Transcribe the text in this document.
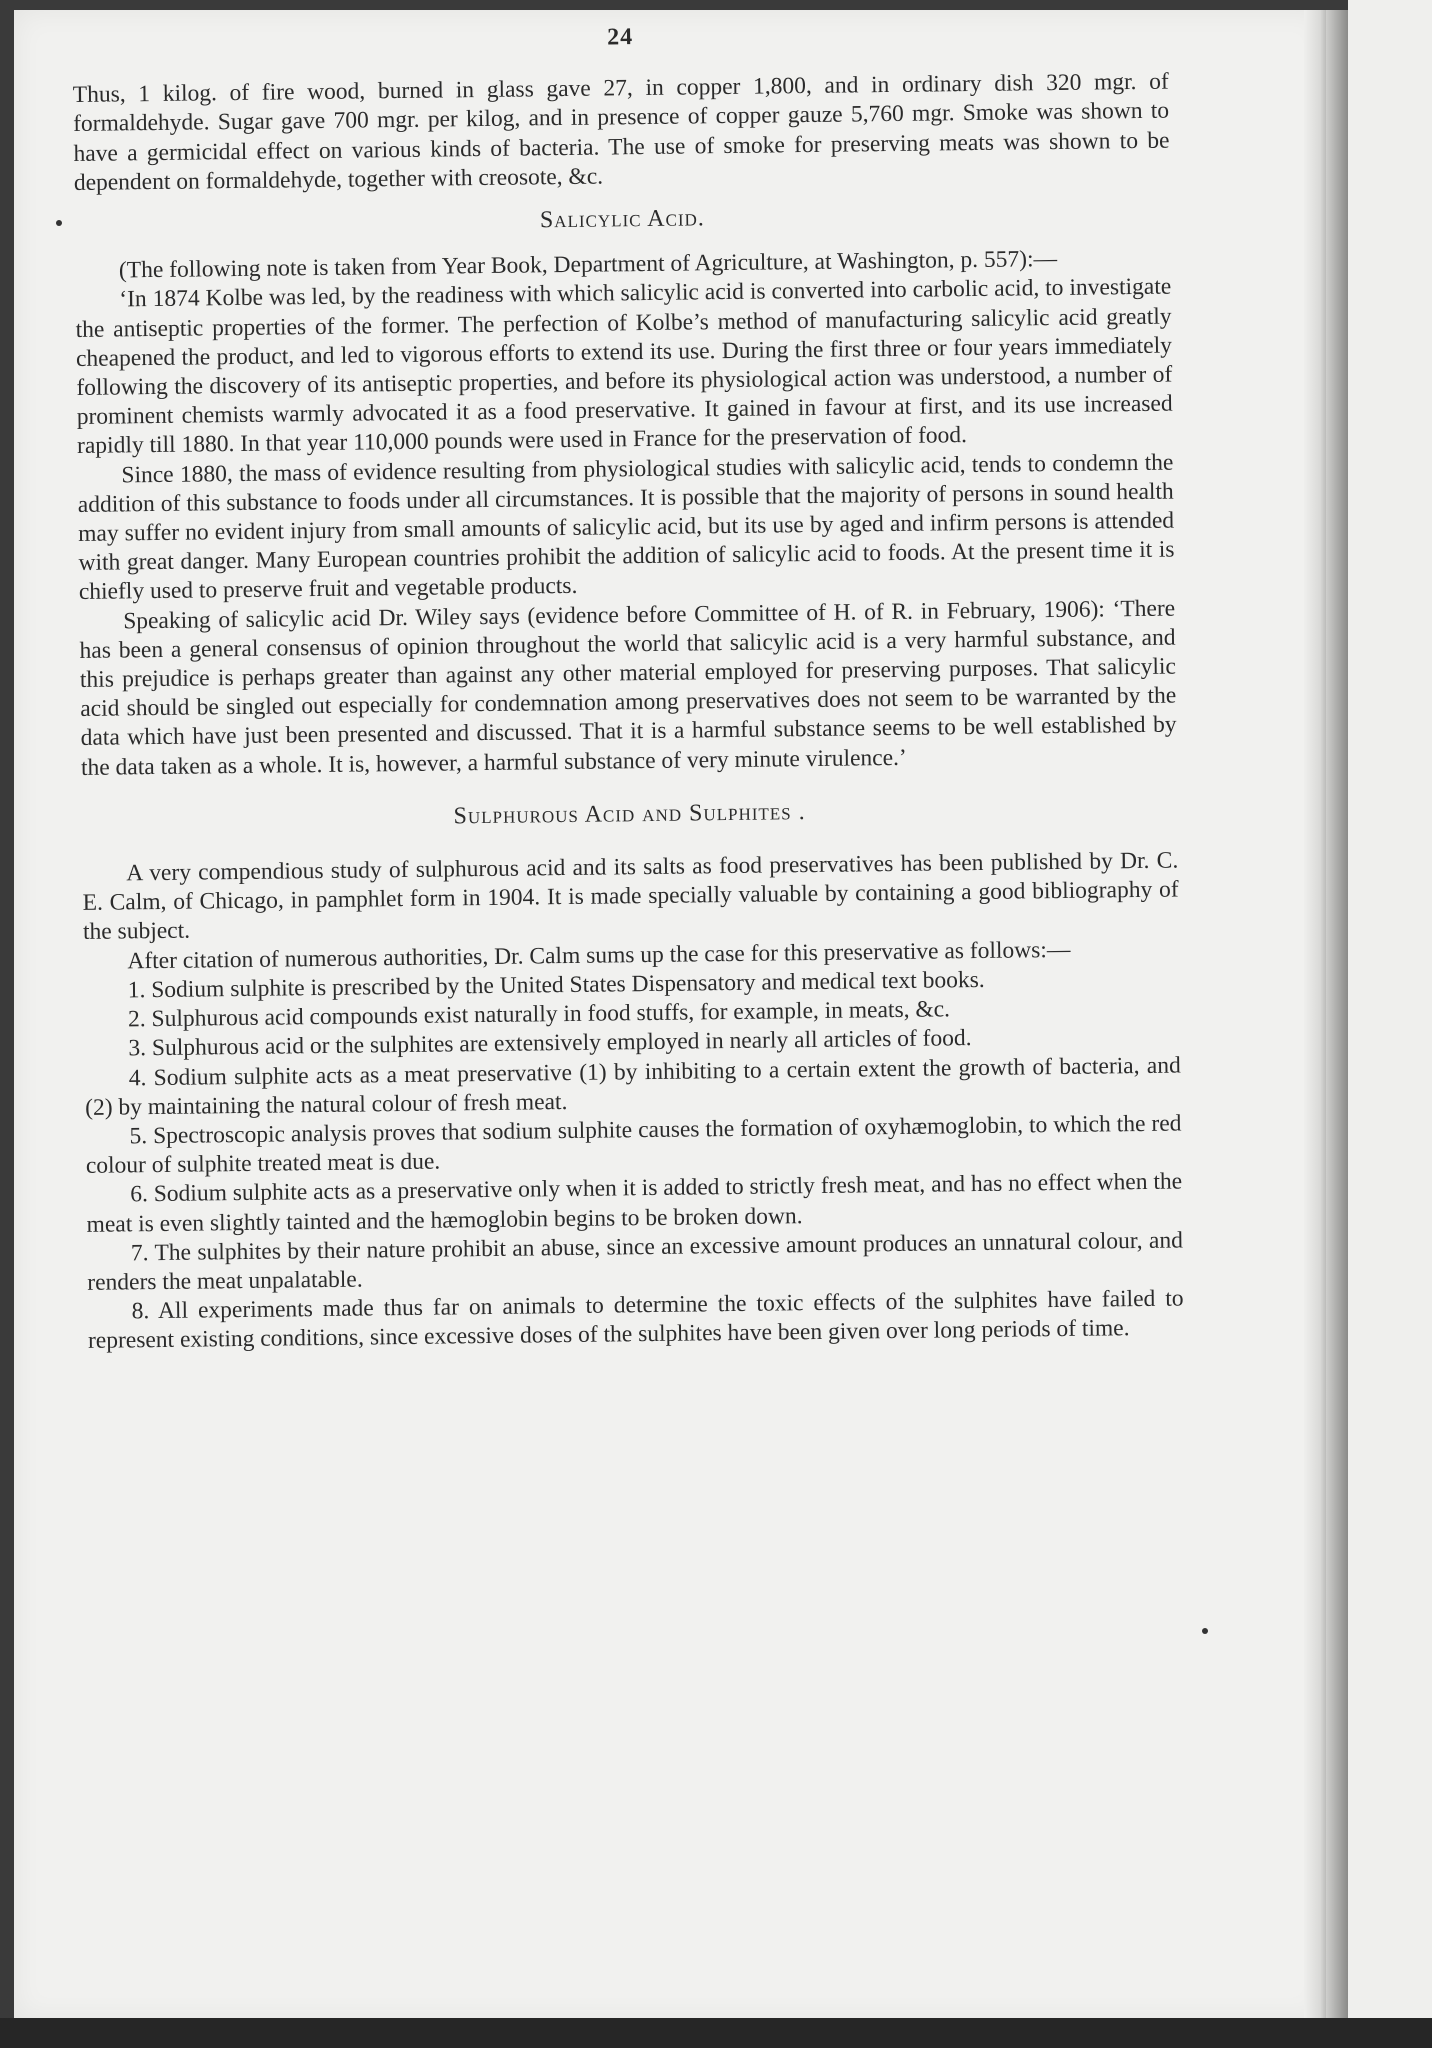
24

Thus, 1 kilog. of fire wood, burned in glass gave 27, in copper 1,800, and in ordinary dish 320 mgr. of formaldehyde. Sugar gave 700 mgr. per kilog, and in presence of copper gauze 5,760 mgr. Smoke was shown to have a germicidal effect on various kinds of bacteria. The use of smoke for preserving meats was shown to be dependent on formaldehyde, together with creosote, &c.

Salicylic Acid.

(The following note is taken from Year Book, Department of Agriculture, at Washington, p. 557):—

‘In 1874 Kolbe was led, by the readiness with which salicylic acid is converted into carbolic acid, to investigate the antiseptic properties of the former. The perfection of Kolbe’s method of manufacturing salicylic acid greatly cheapened the product, and led to vigorous efforts to extend its use. During the first three or four years immediately following the discovery of its antiseptic properties, and before its physiological action was understood, a number of prominent chemists warmly advocated it as a food preservative. It gained in favour at first, and its use increased rapidly till 1880. In that year 110,000 pounds were used in France for the preservation of food.

Since 1880, the mass of evidence resulting from physiological studies with salicylic acid, tends to condemn the addition of this substance to foods under all circumstances. It is possible that the majority of persons in sound health may suffer no evident injury from small amounts of salicylic acid, but its use by aged and infirm persons is attended with great danger. Many European countries prohibit the addition of salicylic acid to foods. At the present time it is chiefly used to preserve fruit and vegetable products.

Speaking of salicylic acid Dr. Wiley says (evidence before Committee of H. of R. in February, 1906): ‘There has been a general consensus of opinion throughout the world that salicylic acid is a very harmful substance, and this prejudice is perhaps greater than against any other material employed for preserving purposes. That salicylic acid should be singled out especially for condemnation among preservatives does not seem to be warranted by the data which have just been presented and discussed. That it is a harmful substance seems to be well established by the data taken as a whole. It is, however, a harmful substance of very minute virulence.’

Sulphurous Acid and Sulphites .

A very compendious study of sulphurous acid and its salts as food preservatives has been published by Dr. C. E. Calm, of Chicago, in pamphlet form in 1904. It is made specially valuable by containing a good bibliography of the subject.

After citation of numerous authorities, Dr. Calm sums up the case for this preservative as follows:—

1. Sodium sulphite is prescribed by the United States Dispensatory and medical text books.

2. Sulphurous acid compounds exist naturally in food stuffs, for example, in meats, &c.

3. Sulphurous acid or the sulphites are extensively employed in nearly all articles of food.

4. Sodium sulphite acts as a meat preservative (1) by inhibiting to a certain extent the growth of bacteria, and (2) by maintaining the natural colour of fresh meat.

5. Spectroscopic analysis proves that sodium sulphite causes the formation of oxyhæmoglobin, to which the red colour of sulphite treated meat is due.

6. Sodium sulphite acts as a preservative only when it is added to strictly fresh meat, and has no effect when the meat is even slightly tainted and the hæmoglobin begins to be broken down.

7. The sulphites by their nature prohibit an abuse, since an excessive amount produces an unnatural colour, and renders the meat unpalatable.

8. All experiments made thus far on animals to determine the toxic effects of the sulphites have failed to represent existing conditions, since excessive doses of the sulphites have been given over long periods of time.
